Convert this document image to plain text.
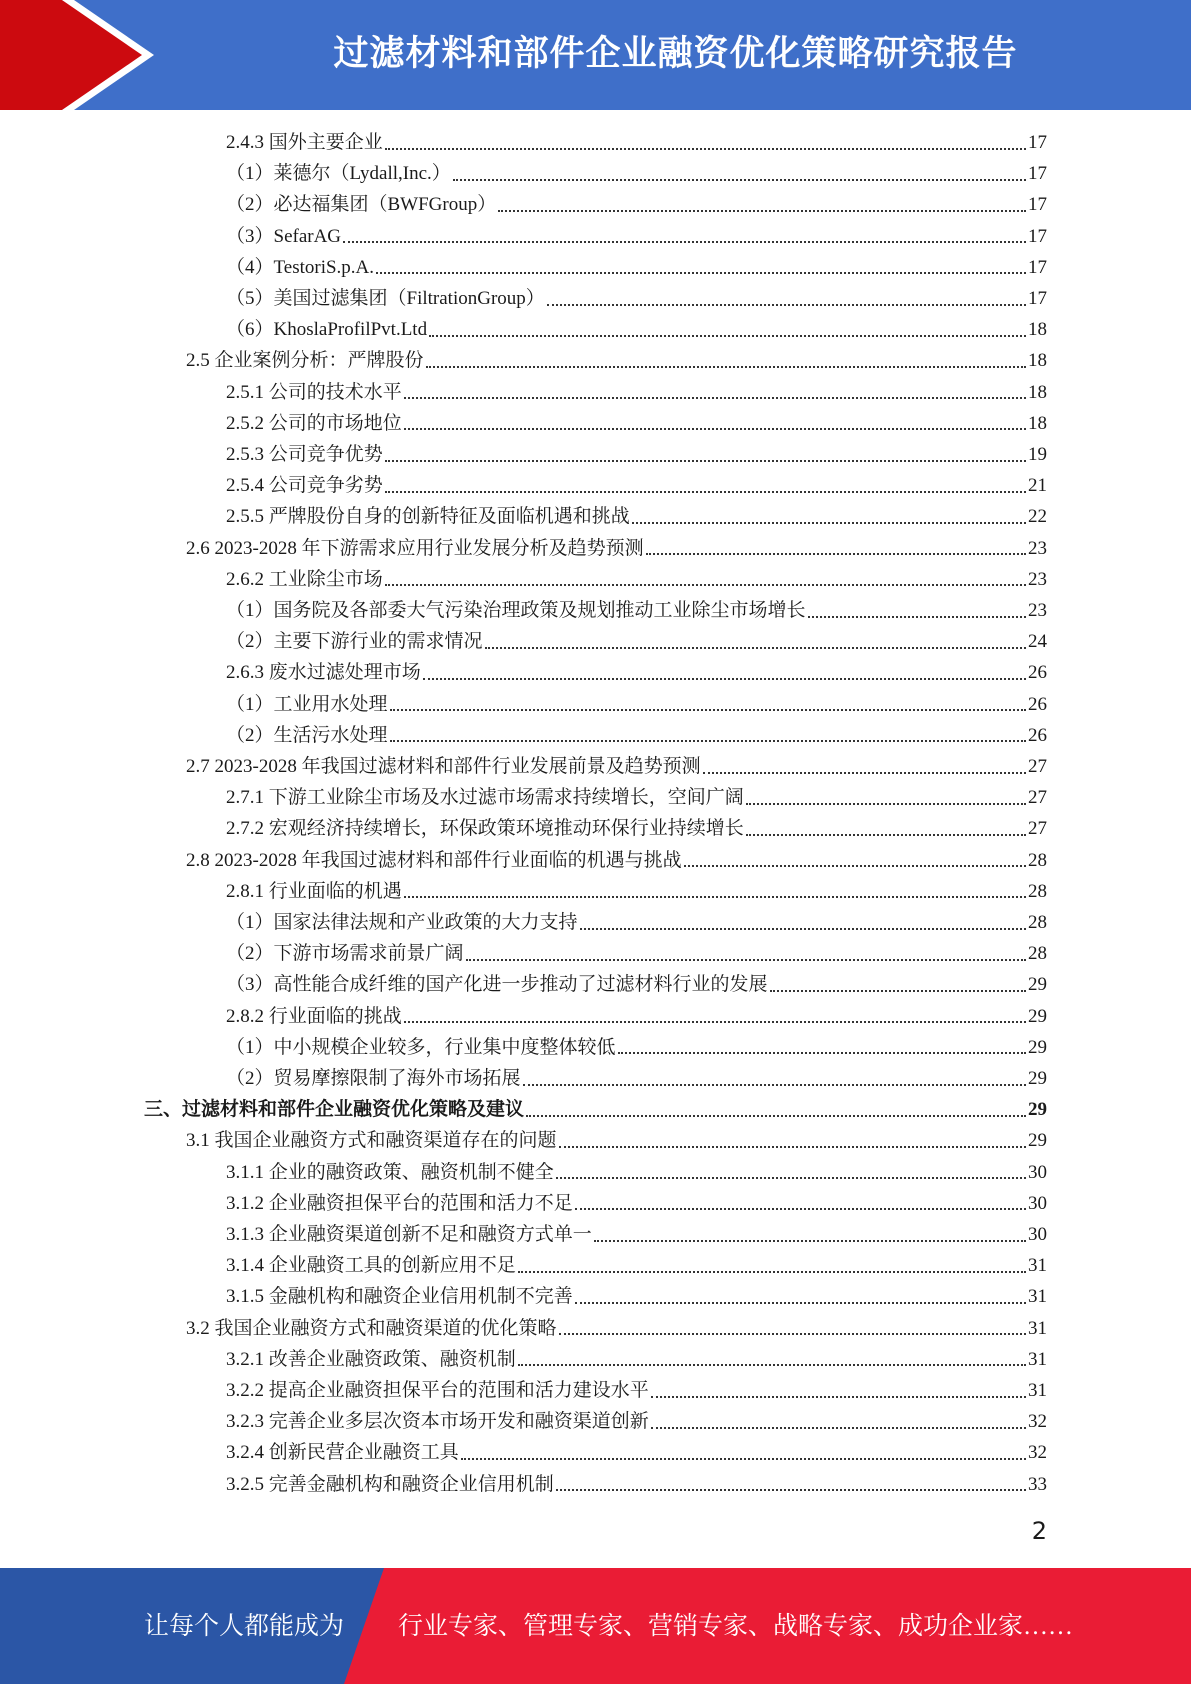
过滤材料和部件企业融资优化策略研究报告
2.4.3 国外主要企业	17
（1）莱德尔（Lydall,Inc.）	17
（2）必达福集团（BWFGroup）	17
（3）SefarAG	17
（4）TestoriS.p.A.	17
（5）美国过滤集团（FiltrationGroup）	17
（6）KhoslaProfilPvt.Ltd	18
2.5 企业案例分析：严牌股份	18
2.5.1 公司的技术水平	18
2.5.2 公司的市场地位	18
2.5.3 公司竞争优势	19
2.5.4 公司竞争劣势	21
2.5.5 严牌股份自身的创新特征及面临机遇和挑战	22
2.6 2023-2028 年下游需求应用行业发展分析及趋势预测	23
2.6.2 工业除尘市场	23
（1）国务院及各部委大气污染治理政策及规划推动工业除尘市场增长	23
（2）主要下游行业的需求情况	24
2.6.3 废水过滤处理市场	26
（1）工业用水处理	26
（2）生活污水处理	26
2.7 2023-2028 年我国过滤材料和部件行业发展前景及趋势预测	27
2.7.1 下游工业除尘市场及水过滤市场需求持续增长，空间广阔	27
2.7.2 宏观经济持续增长，环保政策环境推动环保行业持续增长	27
2.8 2023-2028 年我国过滤材料和部件行业面临的机遇与挑战	28
2.8.1 行业面临的机遇	28
（1）国家法律法规和产业政策的大力支持	28
（2）下游市场需求前景广阔	28
（3）高性能合成纤维的国产化进一步推动了过滤材料行业的发展	29
2.8.2 行业面临的挑战	29
（1）中小规模企业较多，行业集中度整体较低	29
（2）贸易摩擦限制了海外市场拓展	29
三、过滤材料和部件企业融资优化策略及建议	29
3.1 我国企业融资方式和融资渠道存在的问题	29
3.1.1 企业的融资政策、融资机制不健全	30
3.1.2 企业融资担保平台的范围和活力不足	30
3.1.3 企业融资渠道创新不足和融资方式单一	30
3.1.4 企业融资工具的创新应用不足	31
3.1.5 金融机构和融资企业信用机制不完善	31
3.2 我国企业融资方式和融资渠道的优化策略	31
3.2.1 改善企业融资政策、融资机制	31
3.2.2 提高企业融资担保平台的范围和活力建设水平	31
3.2.3 完善企业多层次资本市场开发和融资渠道创新	32
3.2.4 创新民营企业融资工具	32
3.2.5 完善金融机构和融资企业信用机制	33
2
让每个人都能成为 行业专家、管理专家、营销专家、战略专家、成功企业家……
